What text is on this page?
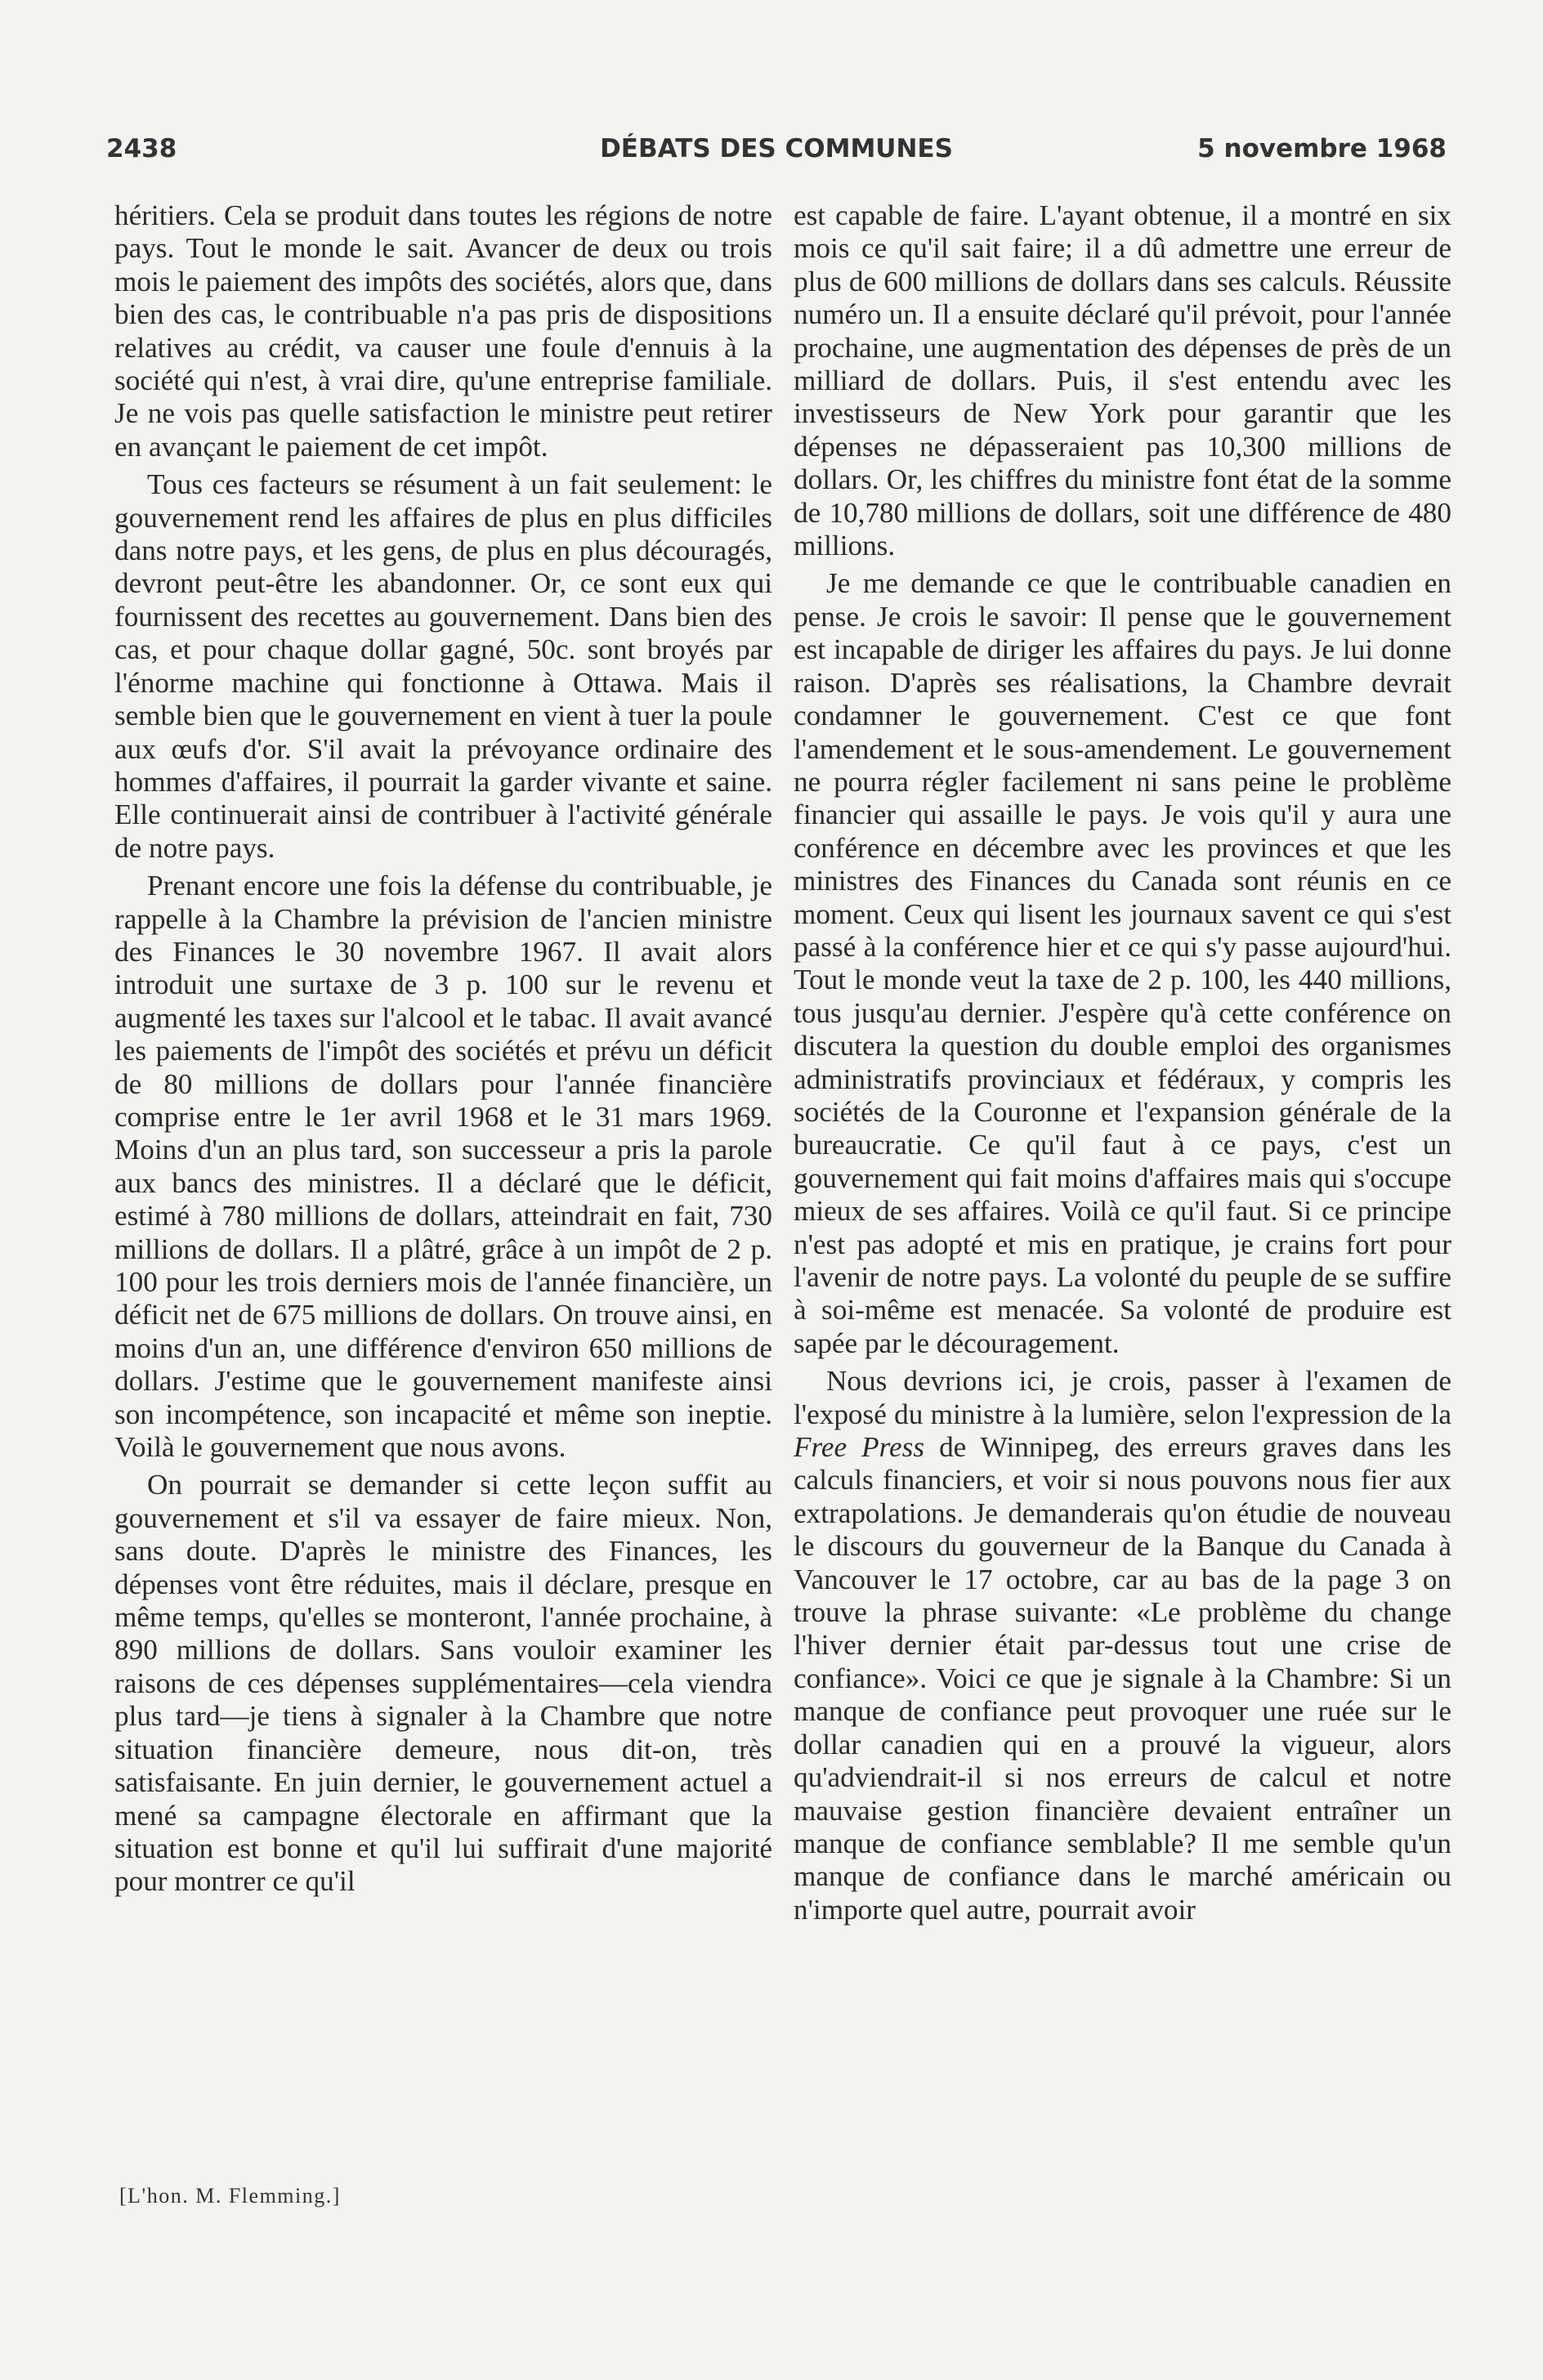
2438	DÉBATS DES COMMUNES	5 novembre 1968

héritiers. Cela se produit dans toutes les régions de notre pays. Tout le monde le sait. Avancer de deux ou trois mois le paiement des impôts des sociétés, alors que, dans bien des cas, le contribuable n'a pas pris de dispositions relatives au crédit, va causer une foule d'ennuis à la société qui n'est, à vrai dire, qu'une entreprise familiale. Je ne vois pas quelle satisfaction le ministre peut retirer en avançant le paiement de cet impôt.

Tous ces facteurs se résument à un fait seulement: le gouvernement rend les affaires de plus en plus difficiles dans notre pays, et les gens, de plus en plus découragés, devront peut-être les abandonner. Or, ce sont eux qui fournissent des recettes au gouvernement. Dans bien des cas, et pour chaque dollar gagné, 50c. sont broyés par l'énorme machine qui fonctionne à Ottawa. Mais il semble bien que le gouvernement en vient à tuer la poule aux œufs d'or. S'il avait la prévoyance ordinaire des hommes d'affaires, il pourrait la garder vivante et saine. Elle continuerait ainsi de contribuer à l'activité générale de notre pays.

Prenant encore une fois la défense du contribuable, je rappelle à la Chambre la prévision de l'ancien ministre des Finances le 30 novembre 1967. Il avait alors introduit une surtaxe de 3 p. 100 sur le revenu et augmenté les taxes sur l'alcool et le tabac. Il avait avancé les paiements de l'impôt des sociétés et prévu un déficit de 80 millions de dollars pour l'année financière comprise entre le 1er avril 1968 et le 31 mars 1969. Moins d'un an plus tard, son successeur a pris la parole aux bancs des ministres. Il a déclaré que le déficit, estimé à 780 millions de dollars, atteindrait en fait, 730 millions de dollars. Il a plâtré, grâce à un impôt de 2 p. 100 pour les trois derniers mois de l'année financière, un déficit net de 675 millions de dollars. On trouve ainsi, en moins d'un an, une différence d'environ 650 millions de dollars. J'estime que le gouvernement manifeste ainsi son incompétence, son incapacité et même son ineptie. Voilà le gouvernement que nous avons.

On pourrait se demander si cette leçon suffit au gouvernement et s'il va essayer de faire mieux. Non, sans doute. D'après le ministre des Finances, les dépenses vont être réduites, mais il déclare, presque en même temps, qu'elles se monteront, l'année prochaine, à 890 millions de dollars. Sans vouloir examiner les raisons de ces dépenses supplémentaires—cela viendra plus tard—je tiens à signaler à la Chambre que notre situation financière demeure, nous dit-on, très satisfaisante. En juin dernier, le gouvernement actuel a mené sa campagne électorale en affirmant que la situation est bonne et qu'il lui suffirait d'une majorité pour montrer ce qu'il

est capable de faire. L'ayant obtenue, il a montré en six mois ce qu'il sait faire; il a dû admettre une erreur de plus de 600 millions de dollars dans ses calculs. Réussite numéro un. Il a ensuite déclaré qu'il prévoit, pour l'année prochaine, une augmentation des dépenses de près de un milliard de dollars. Puis, il s'est entendu avec les investisseurs de New York pour garantir que les dépenses ne dépasseraient pas 10,300 millions de dollars. Or, les chiffres du ministre font état de la somme de 10,780 millions de dollars, soit une différence de 480 millions.

Je me demande ce que le contribuable canadien en pense. Je crois le savoir: Il pense que le gouvernement est incapable de diriger les affaires du pays. Je lui donne raison. D'après ses réalisations, la Chambre devrait condamner le gouvernement. C'est ce que font l'amendement et le sous-amendement. Le gouvernement ne pourra régler facilement ni sans peine le problème financier qui assaille le pays. Je vois qu'il y aura une conférence en décembre avec les provinces et que les ministres des Finances du Canada sont réunis en ce moment. Ceux qui lisent les journaux savent ce qui s'est passé à la conférence hier et ce qui s'y passe aujourd'hui. Tout le monde veut la taxe de 2 p. 100, les 440 millions, tous jusqu'au dernier. J'espère qu'à cette conférence on discutera la question du double emploi des organismes administratifs provinciaux et fédéraux, y compris les sociétés de la Couronne et l'expansion générale de la bureaucratie. Ce qu'il faut à ce pays, c'est un gouvernement qui fait moins d'affaires mais qui s'occupe mieux de ses affaires. Voilà ce qu'il faut. Si ce principe n'est pas adopté et mis en pratique, je crains fort pour l'avenir de notre pays. La volonté du peuple de se suffire à soi-même est menacée. Sa volonté de produire est sapée par le découragement.

Nous devrions ici, je crois, passer à l'examen de l'exposé du ministre à la lumière, selon l'expression de la Free Press de Winnipeg, des erreurs graves dans les calculs financiers, et voir si nous pouvons nous fier aux extrapolations. Je demanderais qu'on étudie de nouveau le discours du gouverneur de la Banque du Canada à Vancouver le 17 octobre, car au bas de la page 3 on trouve la phrase suivante: «Le problème du change l'hiver dernier était par-dessus tout une crise de confiance». Voici ce que je signale à la Chambre: Si un manque de confiance peut provoquer une ruée sur le dollar canadien qui en a prouvé la vigueur, alors qu'adviendrait-il si nos erreurs de calcul et notre mauvaise gestion financière devaient entraîner un manque de confiance semblable? Il me semble qu'un manque de confiance dans le marché américain ou n'importe quel autre, pourrait avoir

[L'hon. M. Flemming.]
